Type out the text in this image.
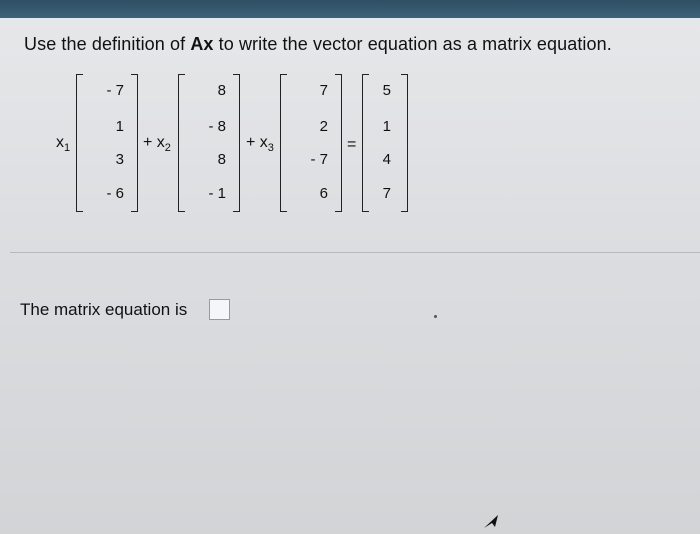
Use the definition of Ax to write the vector equation as a matrix equation.
$x_1$
- 7
1
3
- 6
+ $x_2$
8
- 8
8
- 1
+ $x_3$
7
2
- 7
6
=
5
1
4
7
The matrix equation is
